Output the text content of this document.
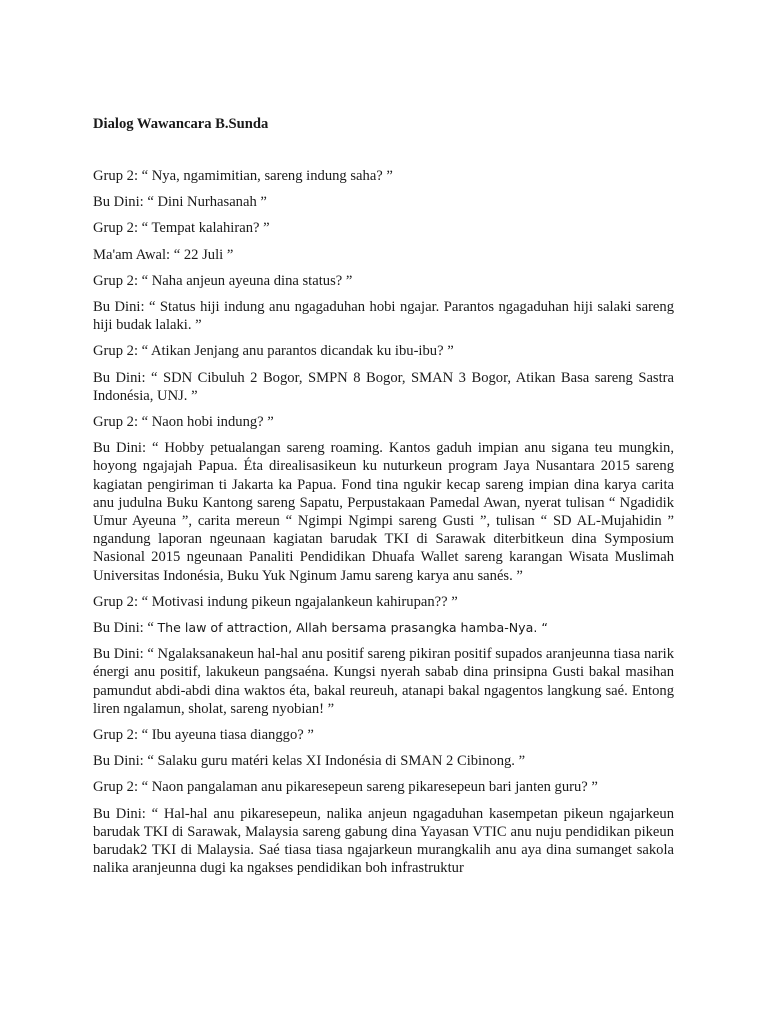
Dialog Wawancara B.Sunda

Grup 2: “ Nya, ngamimitian, sareng indung saha? ”

Bu Dini: “ Dini Nurhasanah ”

Grup 2: “ Tempat kalahiran? ”

Ma'am Awal: “ 22 Juli ”

Grup 2: “ Naha anjeun ayeuna dina status? ”

Bu Dini: “ Status hiji indung anu ngagaduhan hobi ngajar. Parantos ngagaduhan hiji salaki sareng hiji budak lalaki. ”

Grup 2: “ Atikan Jenjang anu parantos dicandak ku ibu-ibu? ”

Bu Dini: “ SDN Cibuluh 2 Bogor, SMPN 8 Bogor, SMAN 3 Bogor, Atikan Basa sareng Sastra Indonésia, UNJ. ”

Grup 2: “ Naon hobi indung? ”

Bu Dini: “ Hobby petualangan sareng roaming. Kantos gaduh impian anu sigana teu mungkin, hoyong ngajajah Papua. Éta direalisasikeun ku nuturkeun program Jaya Nusantara 2015 sareng kagiatan pengiriman ti Jakarta ka Papua. Fond tina ngukir kecap sareng impian dina karya carita anu judulna Buku Kantong sareng Sapatu, Perpustakaan Pamedal Awan, nyerat tulisan “ Ngadidik Umur Ayeuna ”, carita mereun “ Ngimpi Ngimpi sareng Gusti ”, tulisan “ SD AL-Mujahidin ” ngandung laporan ngeunaan kagiatan barudak TKI di Sarawak diterbitkeun dina Symposium Nasional 2015 ngeunaan Panaliti Pendidikan Dhuafa Wallet sareng karangan Wisata Muslimah Universitas Indonésia, Buku Yuk Nginum Jamu sareng karya anu sanés. ”

Grup 2: “ Motivasi indung pikeun ngajalankeun kahirupan?? ”

Bu Dini: “ The law of attraction, Allah bersama prasangka hamba-Nya. “

Bu Dini: “ Ngalaksanakeun hal-hal anu positif sareng pikiran positif supados aranjeunna tiasa narik énergi anu positif, lakukeun pangsaéna. Kungsi nyerah sabab dina prinsipna Gusti bakal masihan pamundut abdi-abdi dina waktos éta, bakal reureuh, atanapi bakal ngagentos langkung saé. Entong liren ngalamun, sholat, sareng nyobian! ”

Grup 2: “ Ibu ayeuna tiasa dianggo? ”

Bu Dini: “ Salaku guru matéri kelas XI Indonésia di SMAN 2 Cibinong. ”

Grup 2: “ Naon pangalaman anu pikaresepeun sareng pikaresepeun bari janten guru? ”

Bu Dini: “ Hal-hal anu pikaresepeun, nalika anjeun ngagaduhan kasempetan pikeun ngajarkeun barudak TKI di Sarawak, Malaysia sareng gabung dina Yayasan VTIC anu nuju pendidikan pikeun barudak2 TKI di Malaysia. Saé tiasa tiasa ngajarkeun murangkalih anu aya dina sumanget sakola nalika aranjeunna dugi ka ngakses pendidikan boh infrastruktur
